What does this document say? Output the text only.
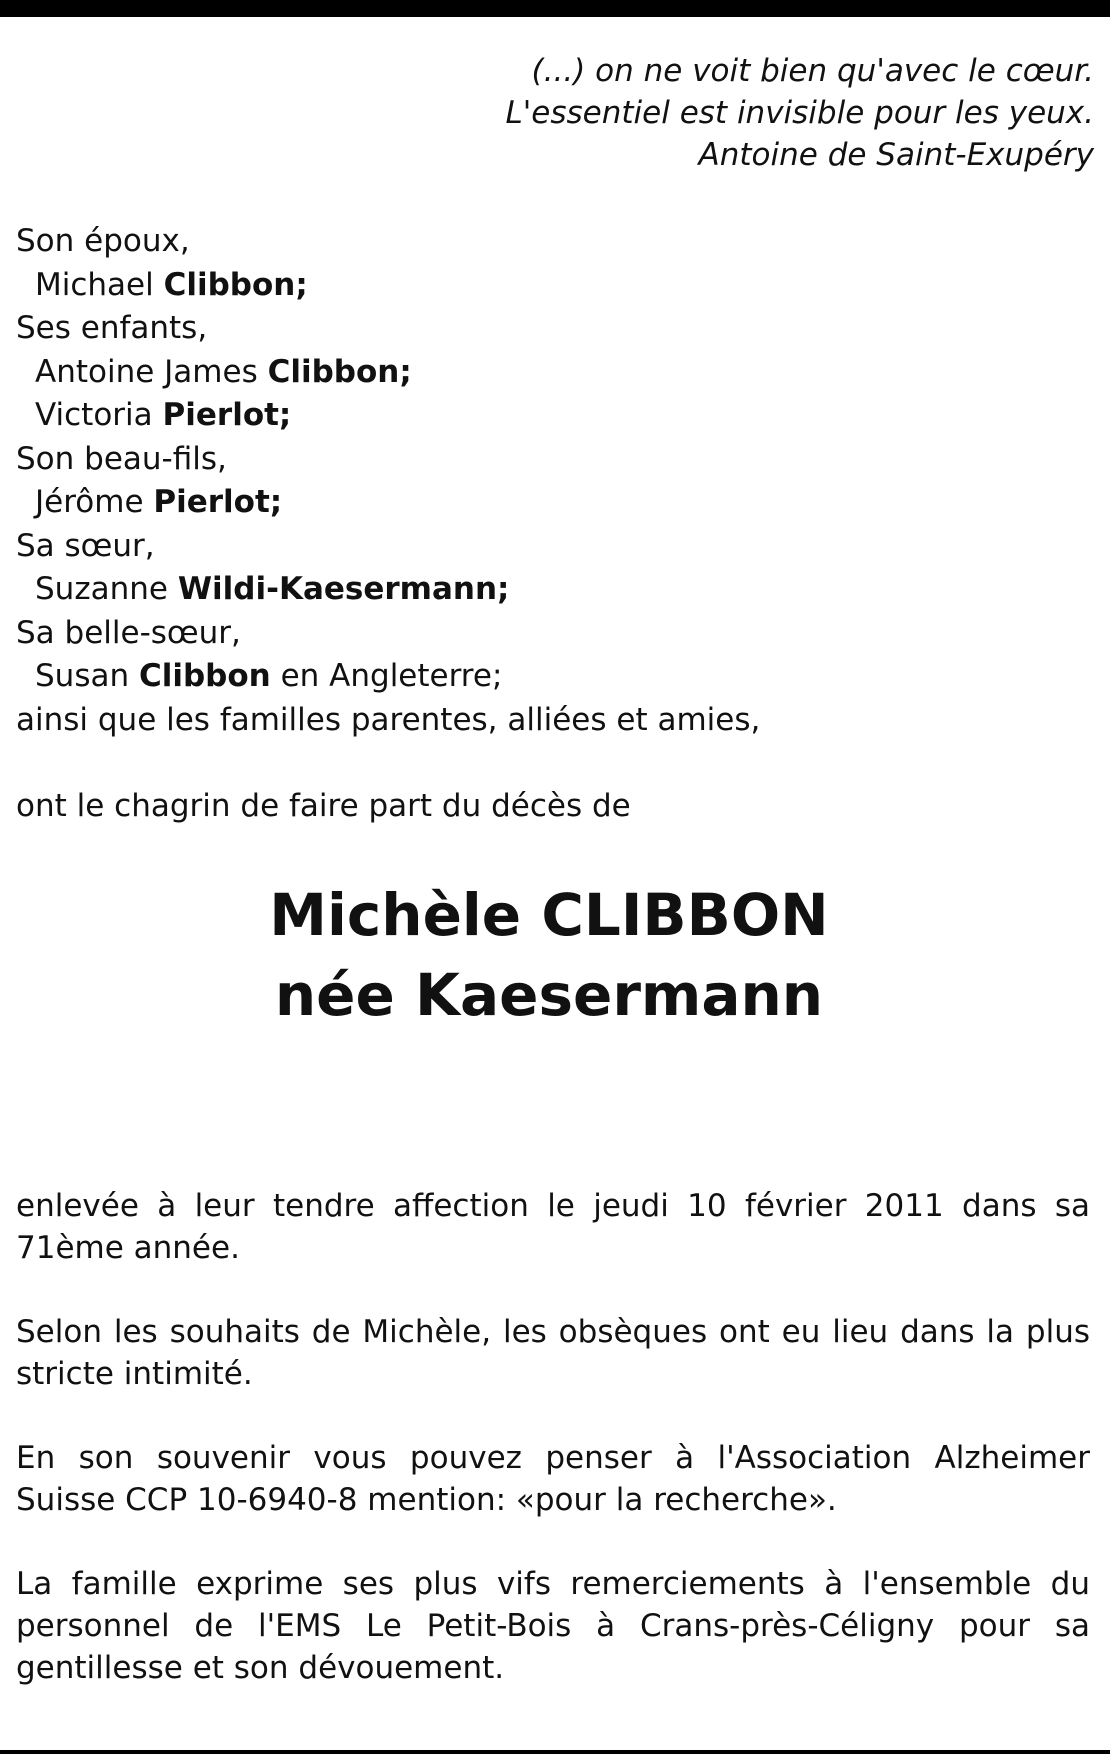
(...) on ne voit bien qu'avec le cœur.
L'essentiel est invisible pour les yeux.
Antoine de Saint-Exupéry
Son époux,
Michael Clibbon;
Ses enfants,
Antoine James Clibbon;
Victoria Pierlot;
Son beau-fils,
Jérôme Pierlot;
Sa sœur,
Suzanne Wildi-Kaesermann;
Sa belle-sœur,
Susan Clibbon en Angleterre;
ainsi que les familles parentes, alliées et amies,
ont le chagrin de faire part du décès de
Michèle CLIBBON
née Kaesermann

enlevée à leur tendre affection le jeudi 10 février 2011 dans sa 71ème année.

Selon les souhaits de Michèle, les obsèques ont eu lieu dans la plus stricte intimité.

En son souvenir vous pouvez penser à l'Association Alzheimer Suisse CCP 10-6940-8 mention: «pour la recherche».

La famille exprime ses plus vifs remerciements à l'ensemble du personnel de l'EMS Le Petit-Bois à Crans-près-Céligny pour sa gentillesse et son dévouement.
